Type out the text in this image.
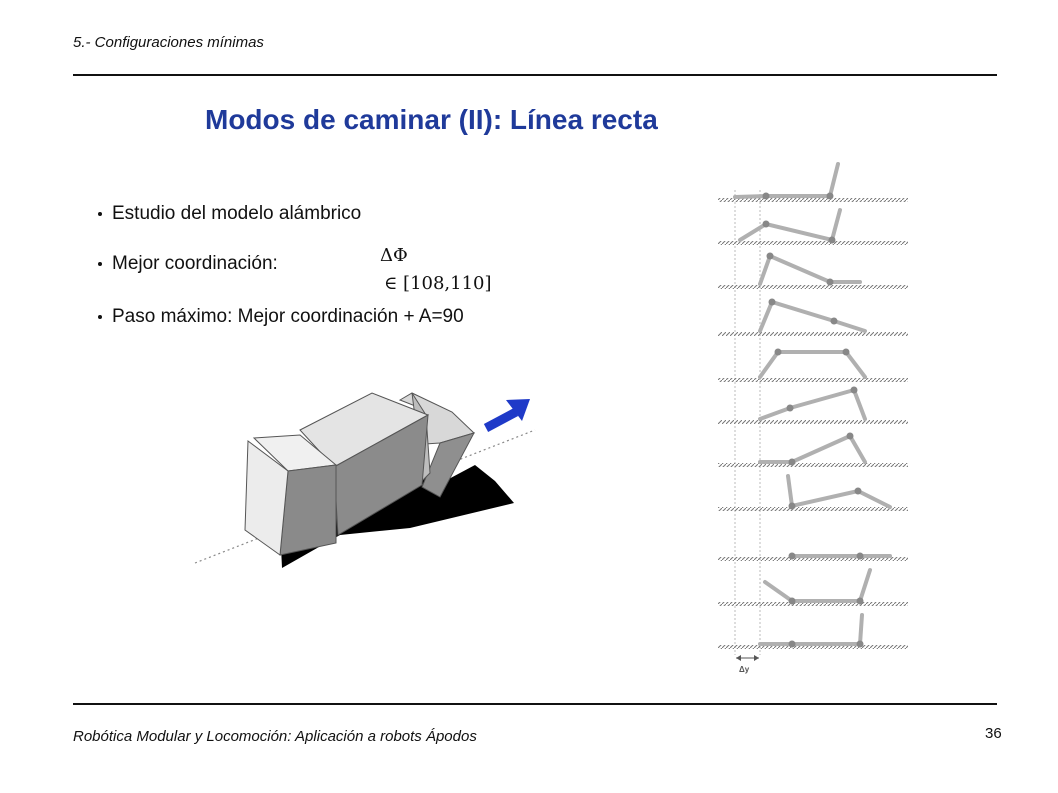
5.- Configuraciones mínimas
Modos de caminar (II): Línea recta
Estudio del modelo alámbrico
Mejor coordinación:
Paso máximo: Mejor coordinación + A=90
ΔΦ
∈ [108,110]
Δy
Robótica Modular y Locomoción: Aplicación a robots Ápodos	36
